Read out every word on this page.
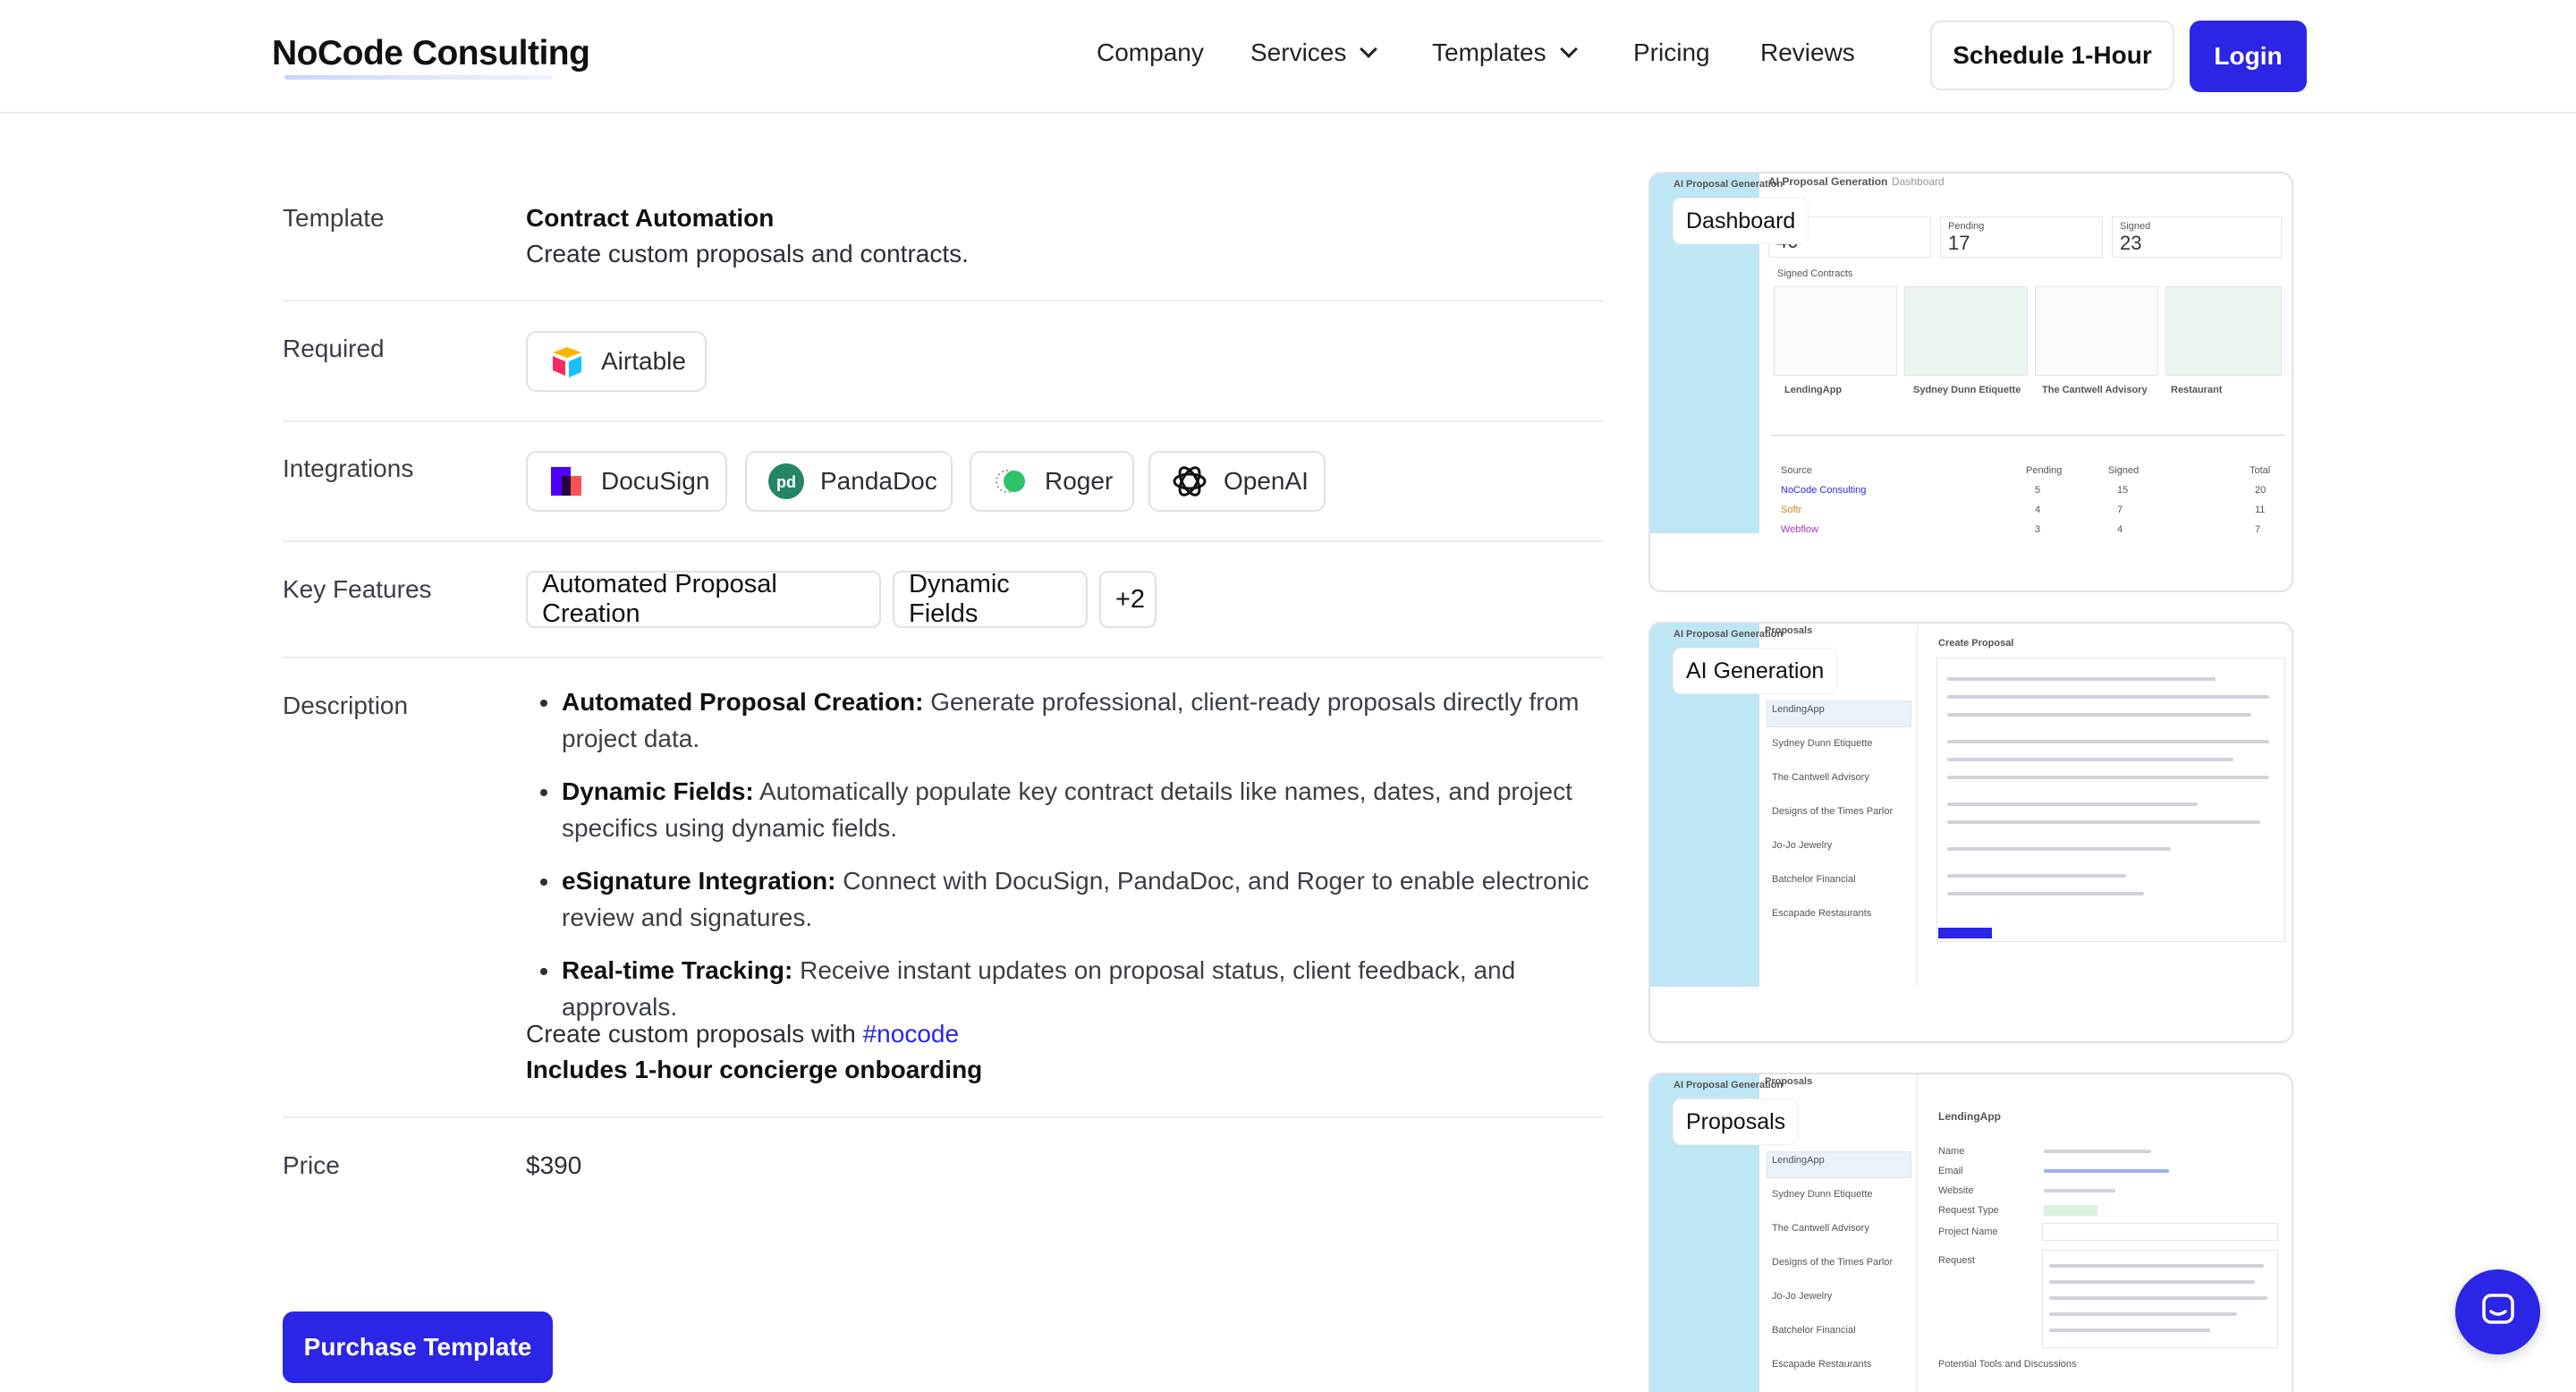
NoCode Consulting	Company Services	Templates	Pricing Reviews	Schedule 1-Hour	Login
Template	Contract Automation
Create custom proposals and contracts.
Required	Airtable
Integrations	DocuSign	pd PandaDoc	Roger	OpenAI
Key Features	Automated Proposal Creation
Dynamic Fields
+2
Description	Automated Proposal Creation: Generate professional, client-ready proposals directly from project data.
Dynamic Fields: Automatically populate key contract details like names, dates, and project specifics using dynamic fields.
eSignature Integration: Connect with DocuSign, PandaDoc, and Roger to enable electronic review and signatures.
Real-time Tracking: Receive instant updates on proposal status, client feedback, and approvals.
Create custom proposals with #nocode
Includes 1-hour concierge onboarding
Price	$390
Purchase Template
AI Proposal Generation
AI Proposal Generation Dashboard
Dashboard	Pending
17
Signed
23
Signed Contracts
LendingApp	Sydney Dunn Etiquette The Cantwell Advisory Restaurant
Source	Pending	Signed	Total
NoCode Consulting	5	15	20
Softr	4	7	11
Webflow	3	4	7
AI Proposal Generation
AI Generation
Proposals
LendingApp
Sydney Dunn Etiquette
The Cantwell Advisory
Designs of the Times Parlor
Jo-Jo Jewelry
Batchelor Financial
Escapade Restaurants
Create Proposal
AI Proposal Generation
Proposals
Proposals
LendingApp
Sydney Dunn Etiquette
The Cantwell Advisory
Designs of the Times Parlor
Jo-Jo Jewelry
Batchelor Financial
Escapade Restaurants
LendingApp
Name
Email
Website
Request Type
Project Name
Request
Potential Tools and Discussions
